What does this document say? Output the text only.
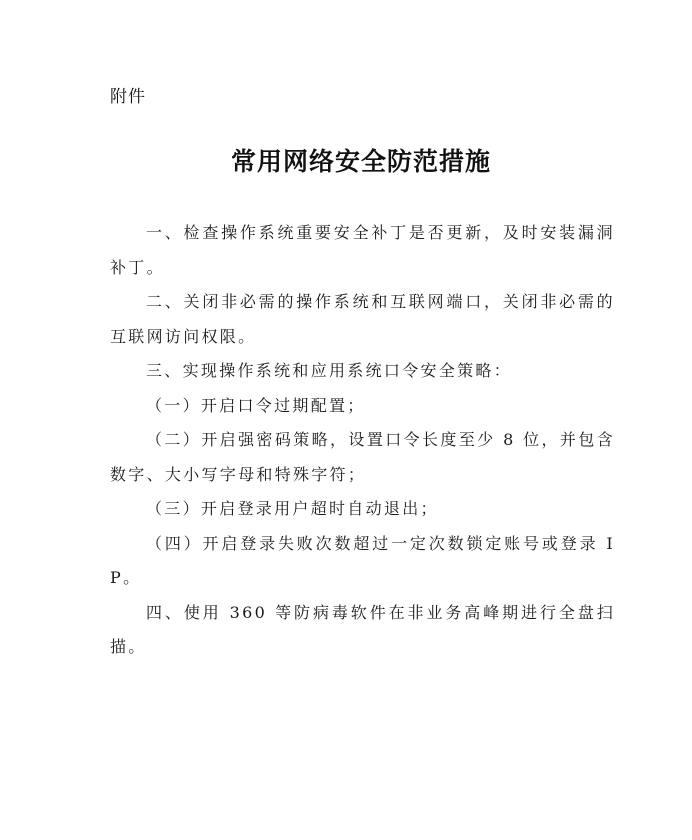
附件
常用网络安全防范措施

一、检查操作系统重要安全补丁是否更新，及时安装漏洞补丁。

二、关闭非必需的操作系统和互联网端口，关闭非必需的互联网访问权限。

三、实现操作系统和应用系统口令安全策略：

（一）开启口令过期配置；

（二）开启强密码策略，设置口令长度至少 8 位，并包含数字、大小写字母和特殊字符；

（三）开启登录用户超时自动退出；

（四）开启登录失败次数超过一定次数锁定账号或登录 IP。

四、使用 360 等防病毒软件在非业务高峰期进行全盘扫描。
